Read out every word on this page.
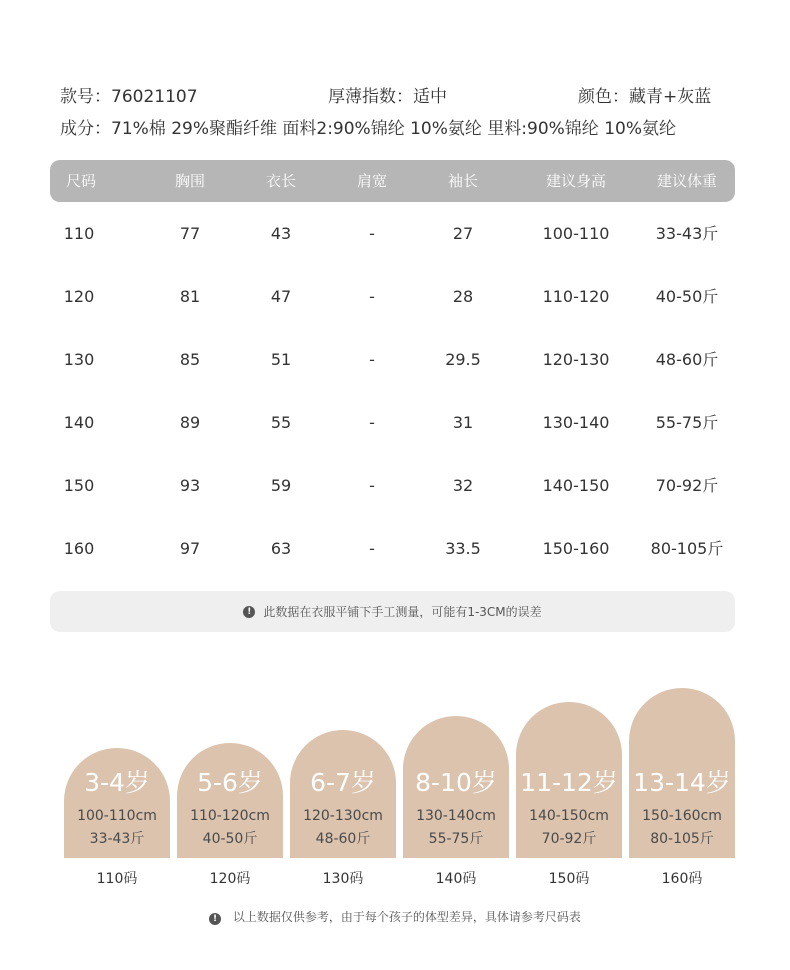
款号：76021107	厚薄指数：适中	颜色：藏青+灰蓝
成分：71%棉 29%聚酯纤维 面料2:90%锦纶 10%氨纶 里料:90%锦纶 10%氨纶
尺码	胸围	衣长	肩宽	袖长	建议身高	建议体重
110	77	43	-	27	100-110	33-43斤
120	81	47	-	28	110-120	40-50斤
130	85	51	-	29.5	120-130	48-60斤
140	89	55	-	31	130-140	55-75斤
150	93	59	-	32	140-150	70-92斤
160	97	63	-	33.5	150-160	80-105斤
! 此数据在衣服平铺下手工测量，可能有1-3CM的误差
3-4岁
100-110cm
33-43斤
5-6岁
110-120cm
40-50斤
6-7岁
120-130cm
48-60斤
8-10岁
130-140cm
55-75斤
11-12岁
140-150cm
70-92斤
13-14岁
150-160cm
80-105斤
110码	120码	130码	140码	150码	160码
! 以上数据仅供参考，由于每个孩子的体型差异，具体请参考尺码表
